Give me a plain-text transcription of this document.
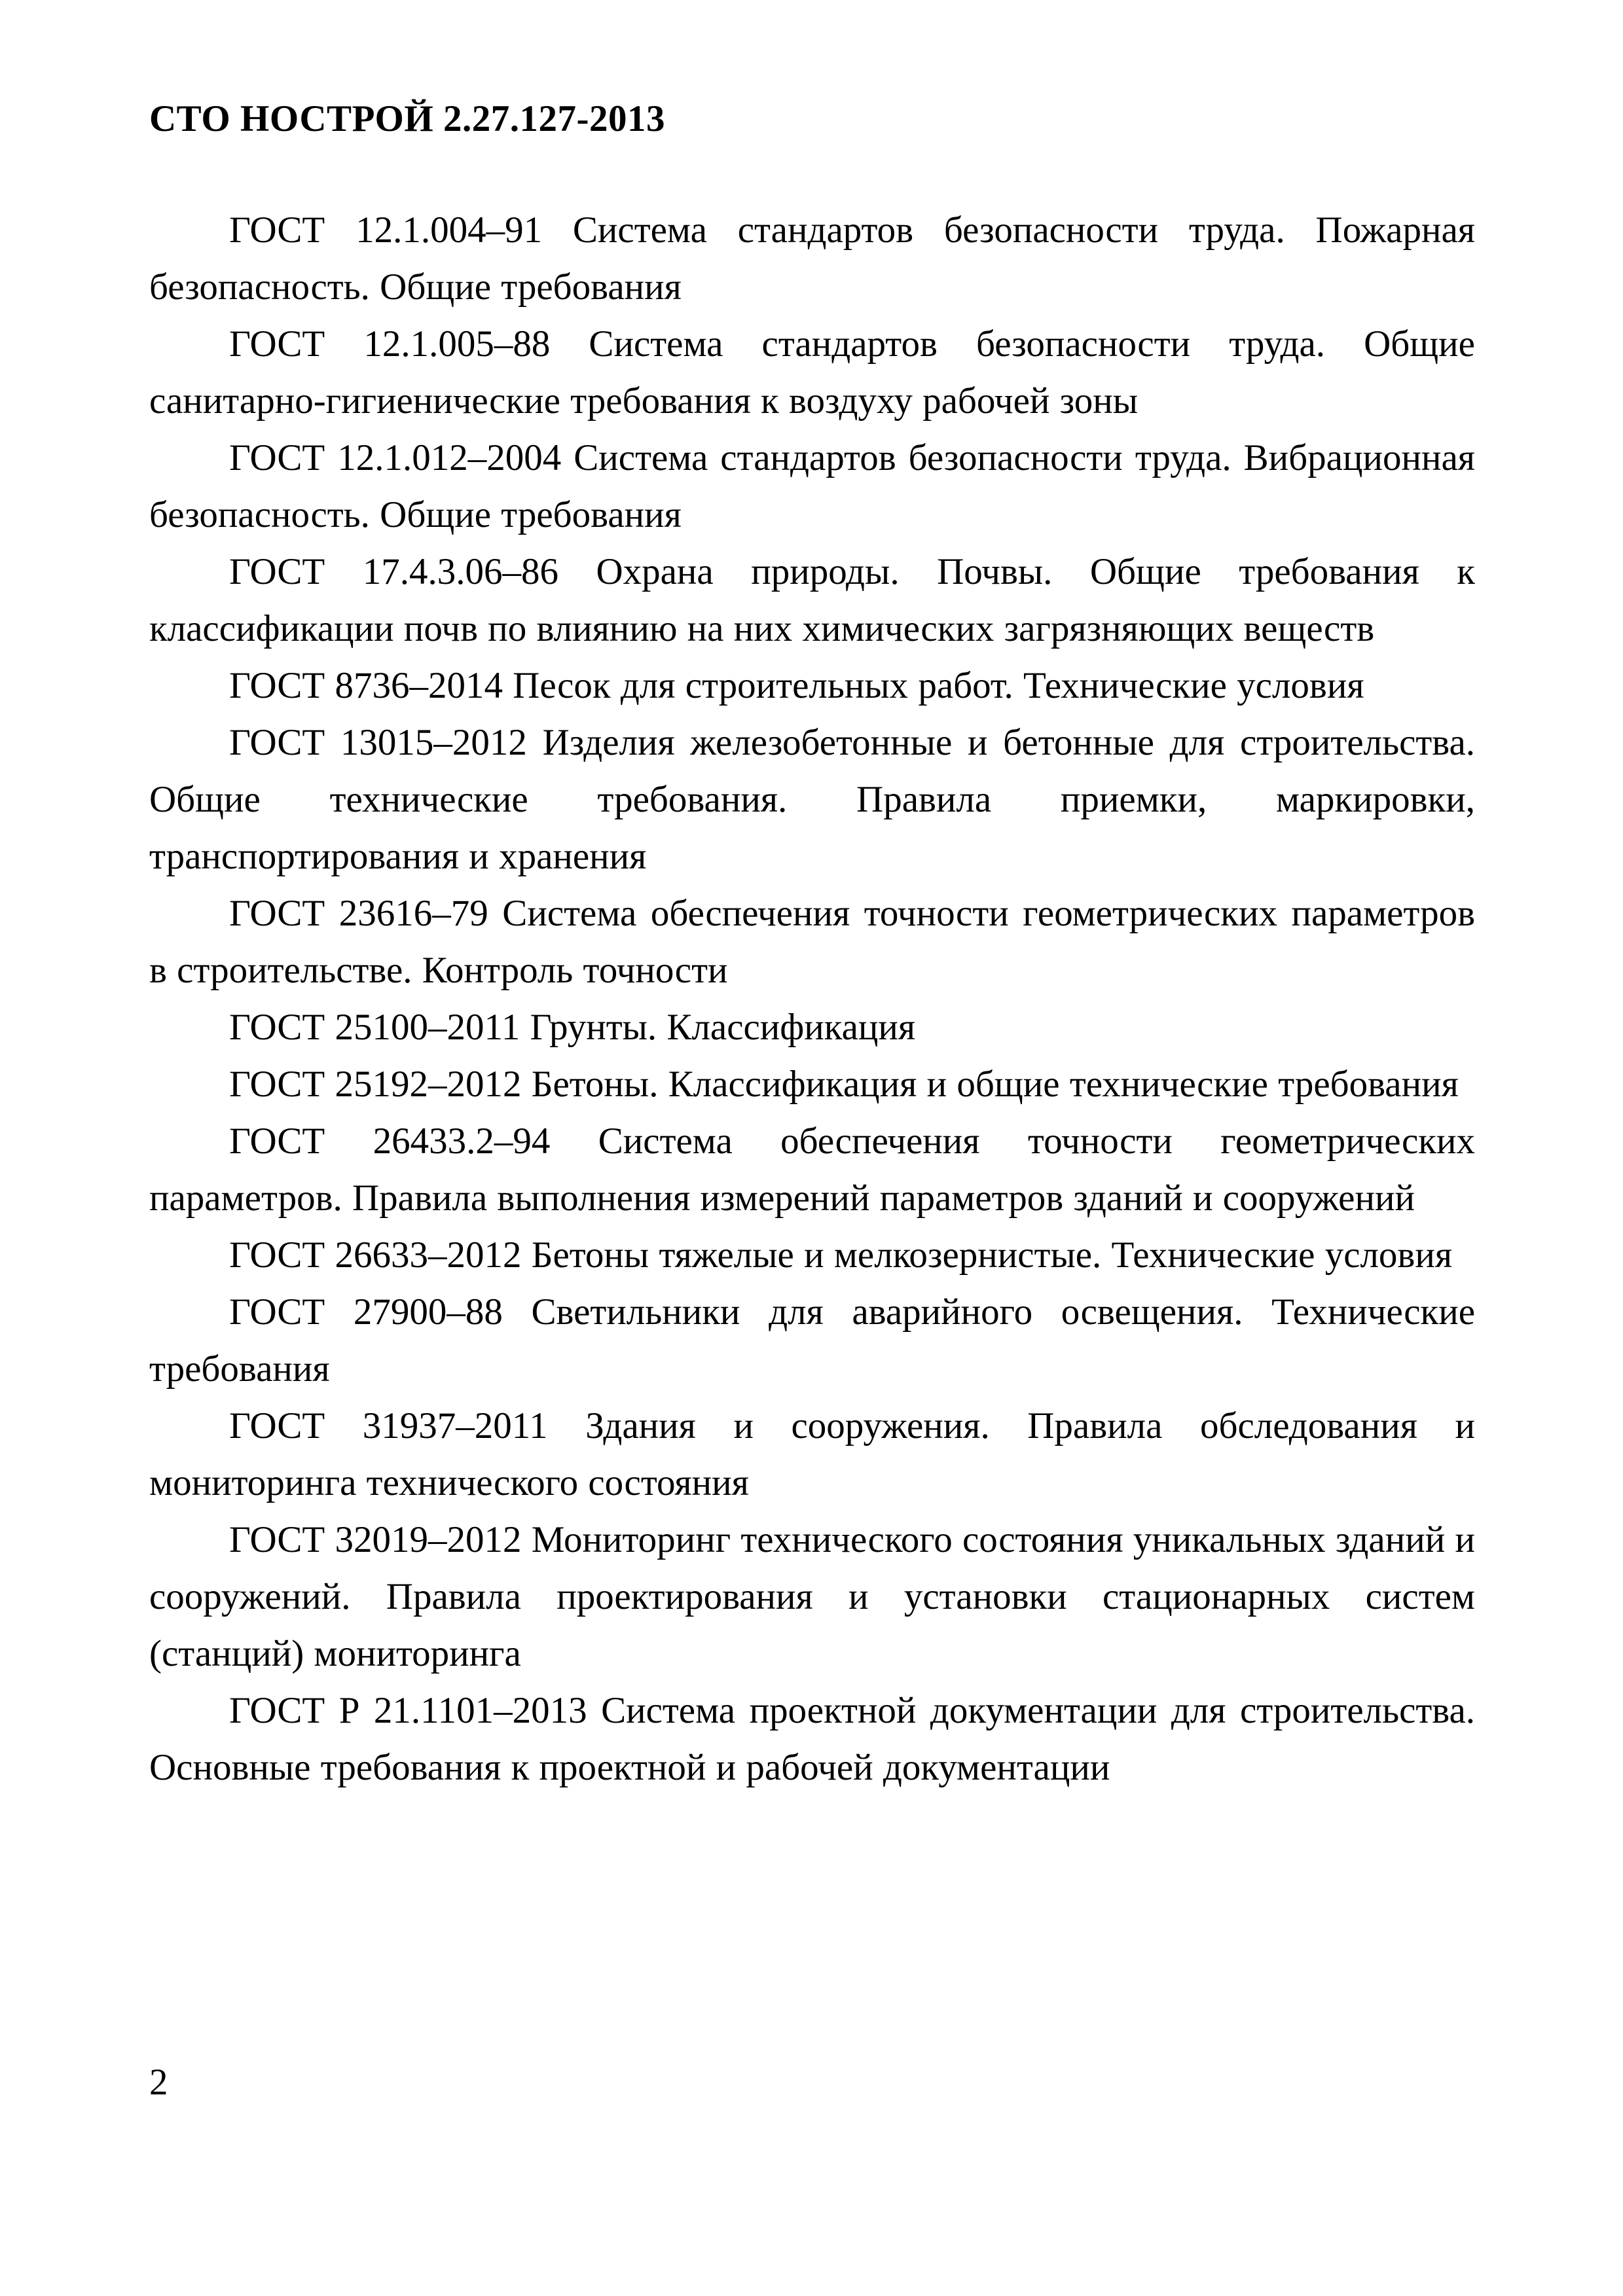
СТО НОСТРОЙ 2.27.127-2013

ГОСТ 12.1.004–91 Система стандартов безопасности труда. Пожарная безопасность. Общие требования

ГОСТ 12.1.005–88 Система стандартов безопасности труда. Общие санитарно-гигиенические требования к воздуху рабочей зоны

ГОСТ 12.1.012–2004 Система стандартов безопасности труда. Вибрационная безопасность. Общие требования

ГОСТ 17.4.3.06–86 Охрана природы. Почвы. Общие требования к классификации почв по влиянию на них химических загрязняющих веществ

ГОСТ 8736–2014 Песок для строительных работ. Технические условия

ГОСТ 13015–2012 Изделия железобетонные и бетонные для строительства. Общие технические требования. Правила приемки, маркировки, транспортирования и хранения

ГОСТ 23616–79 Система обеспечения точности геометрических параметров в строительстве. Контроль точности

ГОСТ 25100–2011 Грунты. Классификация

ГОСТ 25192–2012 Бетоны. Классификация и общие технические требования

ГОСТ 26433.2–94 Система обеспечения точности геометрических параметров. Правила выполнения измерений параметров зданий и сооружений

ГОСТ 26633–2012 Бетоны тяжелые и мелкозернистые. Технические условия

ГОСТ 27900–88 Светильники для аварийного освещения. Технические требования

ГОСТ 31937–2011 Здания и сооружения. Правила обследования и мониторинга технического состояния

ГОСТ 32019–2012 Мониторинг технического состояния уникальных зданий и сооружений. Правила проектирования и установки стационарных систем (станций) мониторинга

ГОСТ Р 21.1101–2013 Система проектной документации для строительства. Основные требования к проектной и рабочей документации

2
